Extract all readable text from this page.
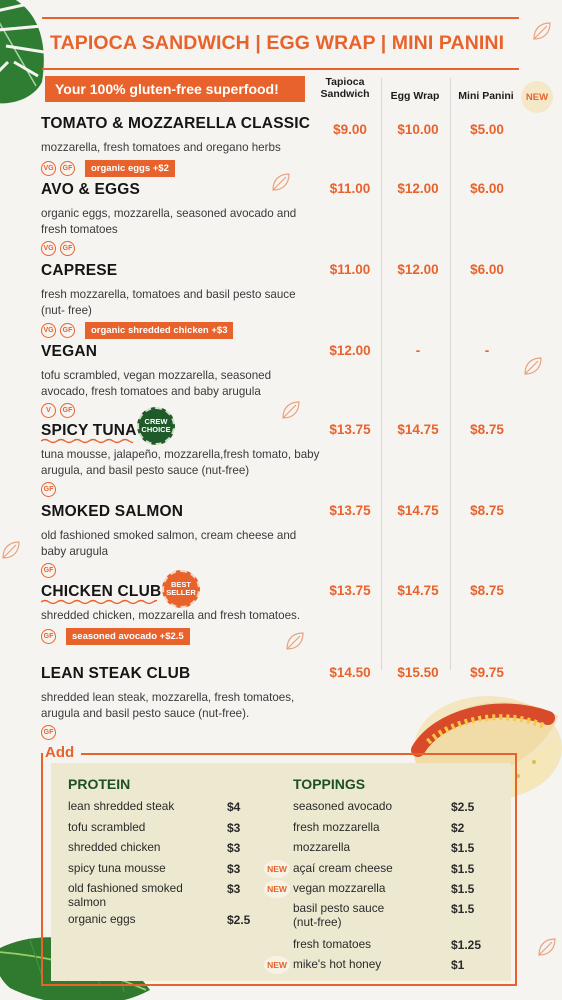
TAPIOCA SANDWICH | EGG WRAP | MINI PANINI
Your 100% gluten-free superfood!	Tapioca Sandwich	Egg Wrap	Mini Panini	NEW
TOMATO & MOZZARELLA CLASSIC
mozzarella, fresh tomatoes and oregano herbs
VG	GF	organic eggs +$2
$9.00	$10.00	$5.00
AVO & EGGS
organic eggs, mozzarella, seasoned avocado and fresh tomatoes
VG	GF
$11.00	$12.00	$6.00
CAPRESE
fresh mozzarella, tomatoes and basil pesto sauce (nut- free)
VG	GF	organic shredded chicken +$3
$11.00	$12.00	$6.00
VEGAN
tofu scrambled, vegan mozzarella, seasoned avocado, fresh tomatoes and baby arugula
V	GF
$12.00	-	-
SPICY TUNA
tuna mousse, jalapeño, mozzarella,fresh tomato, baby arugula, and basil pesto sauce (nut-free)
GF
CREW CHOICE	$13.75	$14.75	$8.75
SMOKED SALMON
old fashioned smoked salmon, cream cheese and baby arugula
GF
$13.75	$14.75	$8.75
CHICKEN CLUB
shredded chicken, mozzarella and fresh tomatoes.
GF	seasoned avocado +$2.5
BEST SELLER	$13.75	$14.75	$8.75
LEAN STEAK CLUB
shredded lean steak, mozzarella, fresh tomatoes, arugula and basil pesto sauce (nut-free).
GF
$14.50	$15.50	$9.75
Add
PROTEIN
lean shredded steak	$4
tofu scrambled	$3
shredded chicken	$3
spicy tuna mousse	$3
old fashioned smoked salmon
$3
organic eggs	$2.5
TOPPINGS
seasoned avocado	$2.5
fresh mozzarella	$2
mozzarella	$1.5
NEW açaí cream cheese	$1.5
NEW vegan mozzarella	$1.5
basil pesto sauce (nut-free)
$1.5
fresh tomatoes	$1.25
NEW mike's hot honey	$1
